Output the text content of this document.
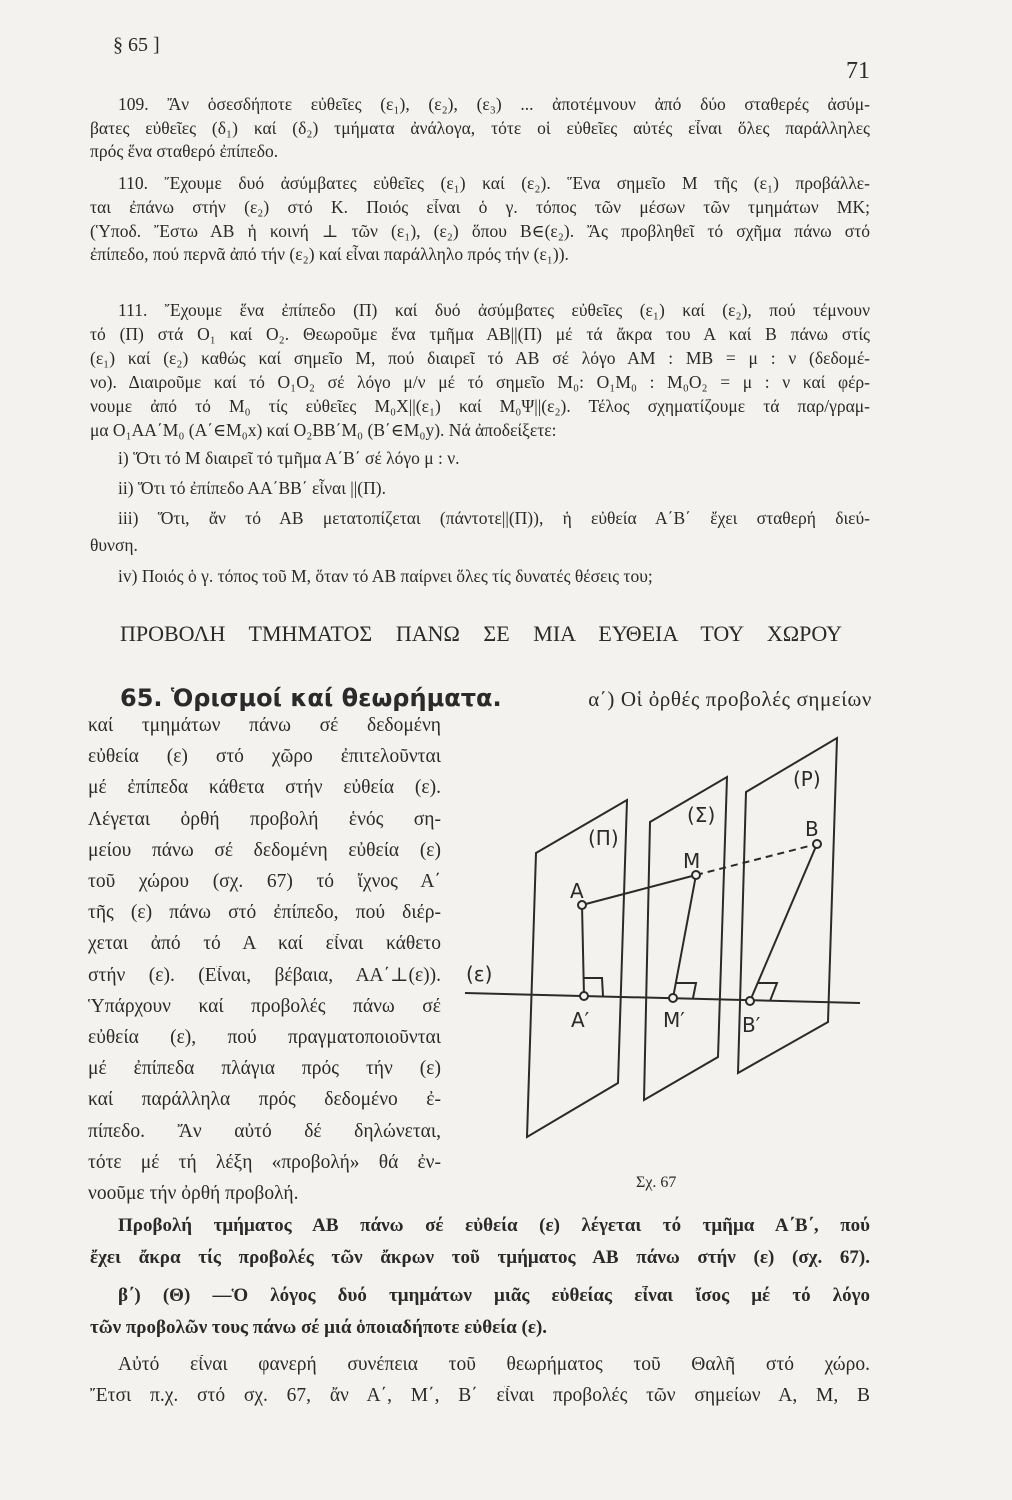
§ 65 ]
71
109. Ἄν ὁσεσδήποτε εὐθεῖες (ε₁), (ε₂), (ε₃) ... ἀποτέμνουν ἀπό δύο σταθερές ἀσύμ-
βατες εὐθεῖες (δ₁) καί (δ₂) τμήματα ἀνάλογα, τότε οἱ εὐθεῖες αὐτές εἶναι ὅλες παράλληλες
πρός ἕνα σταθερό ἐπίπεδο.
110. Ἔχουμε δυό ἀσύμβατες εὐθεῖες (ε₁) καί (ε₂). Ἕνα σημεῖο Μ τῆς (ε₁) προβάλλε-
ται ἐπάνω στήν (ε₂) στό Κ. Ποιός εἶναι ὁ γ. τόπος τῶν μέσων τῶν τμημάτων ΜΚ;
(Ὑποδ. Ἔστω ΑΒ ἡ κοινή ⊥ τῶν (ε₁), (ε₂) ὅπου Β∈(ε₂). Ἄς προβληθεῖ τό σχῆμα πάνω στό
ἐπίπεδο, πού περνᾶ ἀπό τήν (ε₂) καί εἶναι παράλληλο πρός τήν (ε₁)).
111. Ἔχουμε ἕνα ἐπίπεδο (Π) καί δυό ἀσύμβατες εὐθεῖες (ε₁) καί (ε₂), πού τέμνουν
τό (Π) στά Ο₁ καί Ο₂. Θεωροῦμε ἕνα τμῆμα ΑΒ||(Π) μέ τά ἄκρα του Α καί Β πάνω στίς
(ε₁) καί (ε₂) καθώς καί σημεῖο Μ, πού διαιρεῖ τό ΑΒ σέ λόγο ΑΜ : ΜΒ = μ : ν (δεδομέ-
νο). Διαιροῦμε καί τό Ο₁Ο₂ σέ λόγο μ/ν μέ τό σημεῖο Μ₀: Ο₁Μ₀ : Μ₀Ο₂ = μ : ν καί φέρ-
νουμε ἀπό τό Μ₀ τίς εὐθεῖες Μ₀Χ||(ε₁) καί Μ₀Ψ||(ε₂). Τέλος σχηματίζουμε τά παρ/γραμ-
μα Ο₁ΑΑ΄Μ₀ (Α΄∈Μ₀x) καί Ο₂ΒΒ΄Μ₀ (Β΄∈Μ₀y). Νά ἀποδείξετε:
i) Ὅτι τό Μ διαιρεῖ τό τμῆμα Α΄Β΄ σέ λόγο μ : ν.
ii) Ὅτι τό ἐπίπεδο ΑΑ΄ΒΒ΄ εἶναι ||(Π).
iii) Ὅτι, ἄν τό ΑΒ μετατοπίζεται (πάντοτε||(Π)), ἡ εὐθεία Α΄Β΄ ἔχει σταθερή διεύ-
θυνση.
iv) Ποιός ὁ γ. τόπος τοῦ Μ, ὅταν τό ΑΒ παίρνει ὅλες τίς δυνατές θέσεις του;
ΠΡΟΒΟΛΗ ΤΜΗΜΑΤΟΣ ΠΑΝΩ ΣΕ ΜΙΑ ΕΥΘΕΙΑ ΤΟΥ ΧΩΡΟΥ
καί τμημάτων πάνω σέ δεδομένη
εὐθεία (ε) στό χῶρο ἐπιτελοῦνται
μέ ἐπίπεδα κάθετα στήν εὐθεία (ε).
Λέγεται ὀρθή προβολή ἑνός ση-
μείου πάνω σέ δεδομένη εὐθεία (ε)
τοῦ χώρου (σχ. 67) τό ἴχνος Α΄
τῆς (ε) πάνω στό ἐπίπεδο, πού διέρ-
χεται ἀπό τό Α καί εἶναι κάθετο
στήν (ε). (Εἶναι, βέβαια, ΑΑ΄⊥(ε)).
Ὑπάρχουν καί προβολές πάνω σέ
εὐθεία (ε), πού πραγματοποιοῦνται
μέ ἐπίπεδα πλάγια πρός τήν (ε)
καί παράλληλα πρός δεδομένο ἐ-
πίπεδο. Ἄν αὐτό δέ δηλώνεται,
τότε μέ τή λέξη «προβολή» θά ἐν-
νοοῦμε τήν ὀρθή προβολή.
Προβολή τμήματος ΑΒ πάνω σέ εὐθεία (ε) λέγεται τό τμῆμα Α΄Β΄, πού
ἔχει ἄκρα τίς προβολές τῶν ἄκρων τοῦ τμήματος ΑΒ πάνω στήν (ε) (σχ. 67).
β΄) (Θ) —Ὁ λόγος δυό τμημάτων μιᾶς εὐθείας εἶναι ἴσος μέ τό λόγο
τῶν προβολῶν τους πάνω σέ μιά ὁποιαδήποτε εὐθεία (ε).
Αὐτό εἶναι φανερή συνέπεια τοῦ θεωρήματος τοῦ Θαλῆ στό χώρο.
Ἔτσι π.χ. στό σχ. 67, ἄν Α΄, Μ΄, Β΄ εἶναι προβολές τῶν σημείων Α, Μ, Β
65. Ὁρισμοί καί θεωρήματα.	α΄) Οἱ ὀρθές προβολές σημείων
(Π)
(Σ)
(P)
(ε)
A
M
B
A′	M′	B′
Σχ. 67
